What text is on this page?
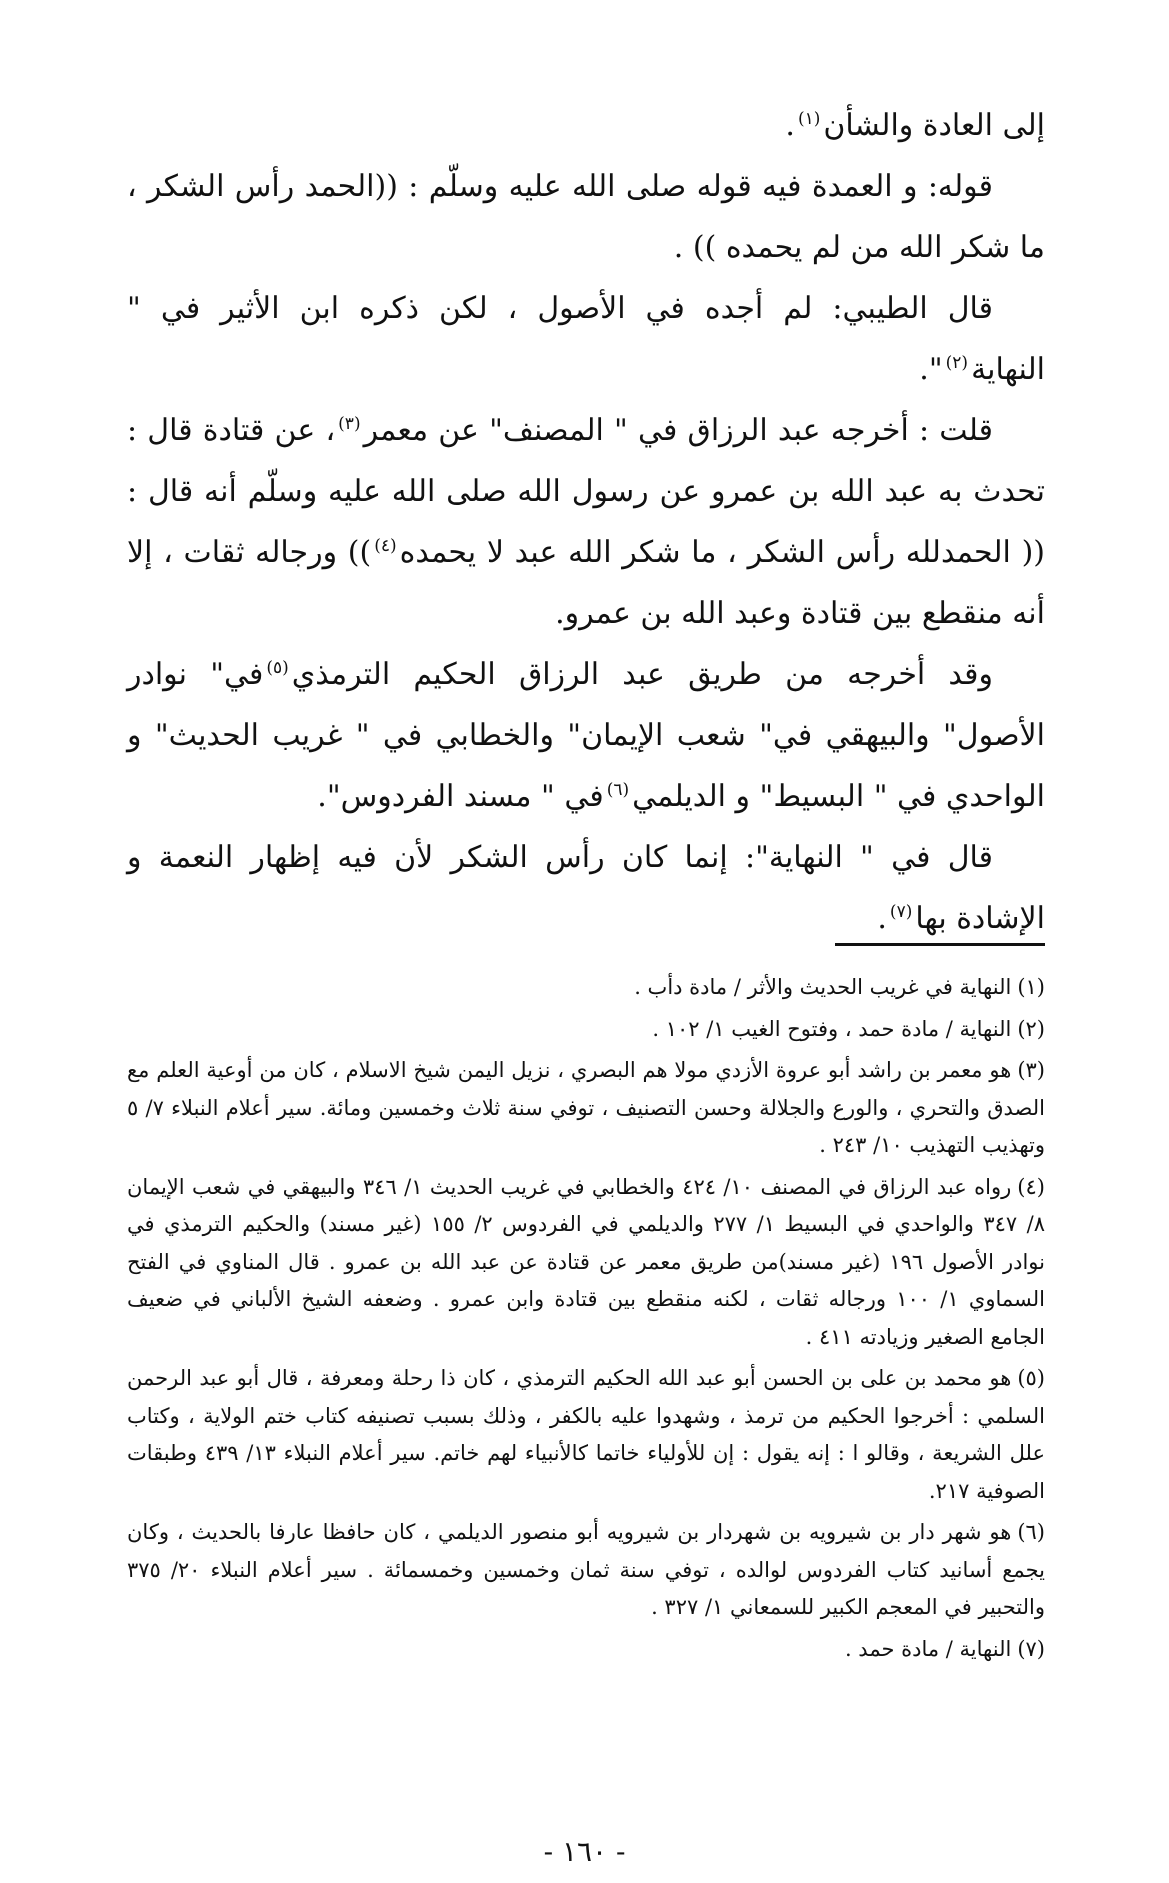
إلى العادة والشأن$^{(١)}$.

قوله: و العمدة فيه قوله صلى الله عليه وسلّم : ((الحمد رأس الشكر ، ما شكر الله من لم يحمده )) .

قال الطيبي: لم أجده في الأصول ، لكن ذكره ابن الأثير في " النهاية$^{(٢)}$".

قلت : أخرجه عبد الرزاق في " المصنف" عن معمر$^{(٣)}$، عن قتادة قال : تحدث به عبد الله بن عمرو عن رسول الله صلى الله عليه وسلّم أنه قال : (( الحمدلله رأس الشكر ، ما شكر الله عبد لا يحمده$^{(٤)}$)) ورجاله ثقات ، إلا أنه منقطع بين قتادة وعبد الله بن عمرو.

وقد أخرجه من طريق عبد الرزاق الحكيم الترمذي$^{(٥)}$في" نوادر الأصول" والبيهقي في" شعب الإيمان" والخطابي في " غريب الحديث" و الواحدي في " البسيط" و الديلمي$^{(٦)}$في " مسند الفردوس".

قال في " النهاية": إنما كان رأس الشكر لأن فيه إظهار النعمة و الإشادة بها$^{(٧)}$.

(١)النهاية في غريب الحديث والأثر / مادة دأب .

(٢)النهاية / مادة حمد ، وفتوح الغيب ١/ ١٠٢ .

(٣)هو معمر بن راشد أبو عروة الأزدي مولا هم البصري ، نزيل اليمن شيخ الاسلام ، كان من أوعية العلم مع الصدق والتحري ، والورع والجلالة وحسن التصنيف ، توفي سنة ثلاث وخمسين ومائة. سير أعلام النبلاء ٧/ ٥ وتهذيب التهذيب ١٠/ ٢٤٣ .

(٤)رواه عبد الرزاق في المصنف ١٠/ ٤٢٤ والخطابي في غريب الحديث ١/ ٣٤٦ والبيهقي في شعب الإيمان ٨/ ٣٤٧ والواحدي في البسيط ١/ ٢٧٧ والديلمي في الفردوس ٢/ ١٥٥ (غير مسند) والحكيم الترمذي في نوادر الأصول ١٩٦ (غير مسند)من طريق معمر عن قتادة عن عبد الله بن عمرو . قال المناوي في الفتح السماوي ١/ ١٠٠ ورجاله ثقات ، لكنه منقطع بين قتادة وابن عمرو . وضعفه الشيخ الألباني في ضعيف الجامع الصغير وزيادته ٤١١ .

(٥)هو محمد بن على بن الحسن أبو عبد الله الحكيم الترمذي ، كان ذا رحلة ومعرفة ، قال أبو عبد الرحمن السلمي : أخرجوا الحكيم من ترمذ ، وشهدوا عليه بالكفر ، وذلك بسبب تصنيفه كتاب ختم الولاية ، وكتاب علل الشريعة ، وقالو ا : إنه يقول : إن للأولياء خاتما كالأنبياء لهم خاتم. سير أعلام النبلاء ١٣/ ٤٣٩ وطبقات الصوفية ٢١٧.

(٦)هو شهر دار بن شيرويه بن شهردار بن شيرويه أبو منصور الديلمي ، كان حافظا عارفا بالحديث ، وكان يجمع أسانيد كتاب الفردوس لوالده ، توفي سنة ثمان وخمسين وخمسمائة . سير أعلام النبلاء ٢٠/ ٣٧٥ والتحبير في المعجم الكبير للسمعاني ١/ ٣٢٧ .

(٧)النهاية / مادة حمد .

- ١٦٠ -
